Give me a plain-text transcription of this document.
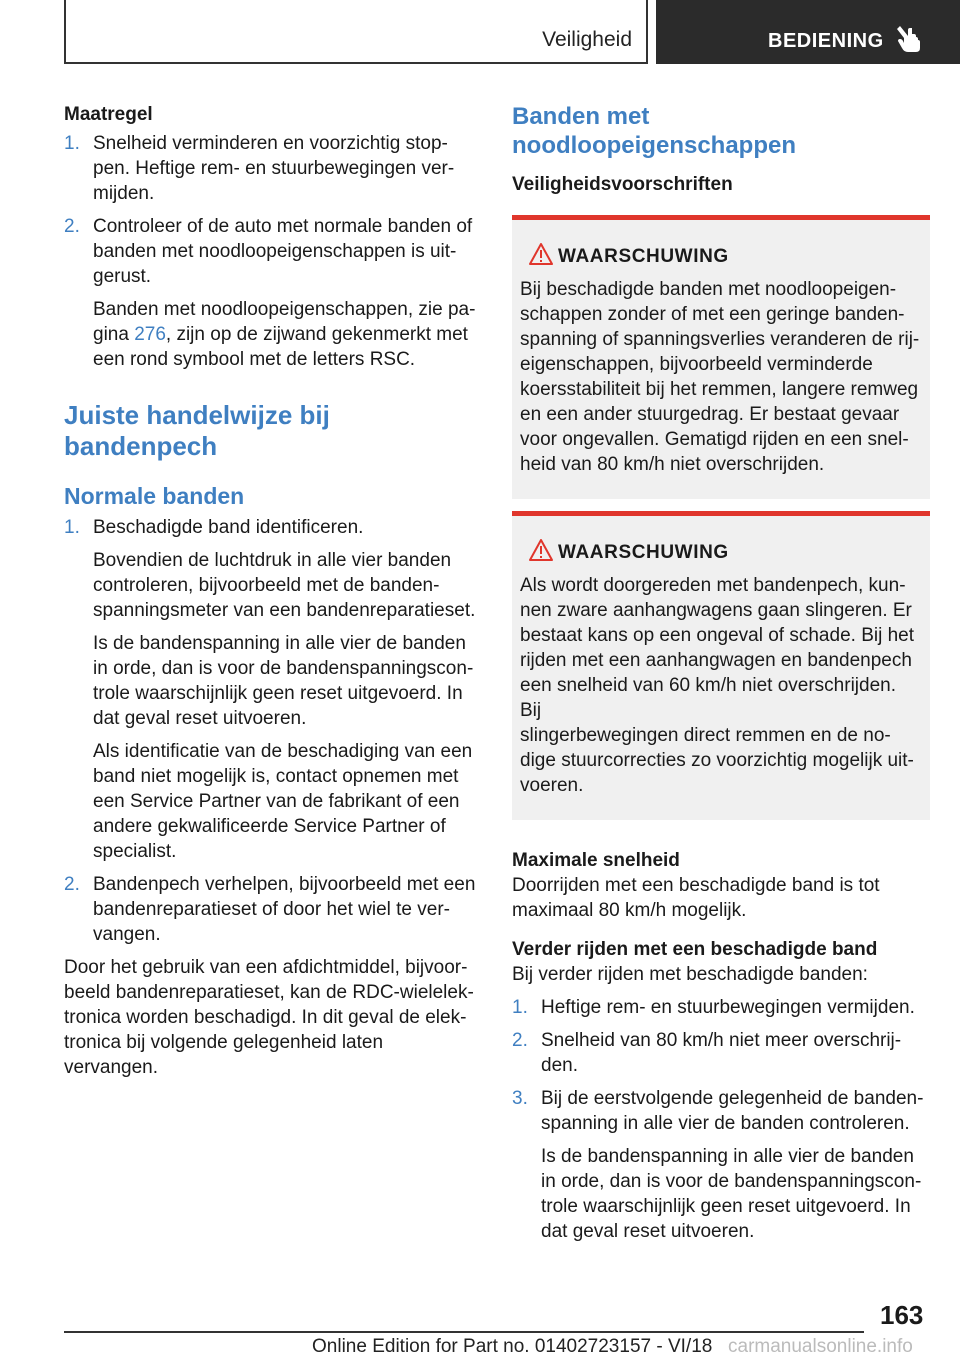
Veiligheid	BEDIENING

Maatregel

1. Snelheid verminderen en voorzichtig stop-

pen. Heftige rem- en stuurbewegingen ver-

mijden.

2. Controleer of de auto met normale banden of

banden met noodloopeigenschappen is uit-

gerust.

Banden met noodloopeigenschappen, zie pa-

gina 276, zijn op de zijwand gekenmerkt met

een rond symbool met de letters RSC.

Juiste handelwijze bij
bandenpech

Normale banden

1. Beschadigde band identificeren.

Bovendien de luchtdruk in alle vier banden

controleren, bijvoorbeeld met de banden-

spanningsmeter van een bandenreparatieset.

Is de bandenspanning in alle vier de banden

in orde, dan is voor de bandenspanningscon-

trole waarschijnlijk geen reset uitgevoerd. In

dat geval reset uitvoeren.

Als identificatie van de beschadiging van een

band niet mogelijk is, contact opnemen met

een Service Partner van de fabrikant of een

andere gekwalificeerde Service Partner of

specialist.

2. Bandenpech verhelpen, bijvoorbeeld met een

bandenreparatieset of door het wiel te ver-

vangen.

Door het gebruik van een afdichtmiddel, bijvoor-

beeld bandenreparatieset, kan de RDC-wielelek-

tronica worden beschadigd. In dit geval de elek-

tronica bij volgende gelegenheid laten

vervangen.

Banden met
noodloopeigenschappen

Veiligheidsvoorschriften

WAARSCHUWING

Bij beschadigde banden met noodloopeigen-

schappen zonder of met een geringe banden-

spanning of spanningsverlies veranderen de rij-

eigenschappen, bijvoorbeeld verminderde

koersstabiliteit bij het remmen, langere remweg

en een ander stuurgedrag. Er bestaat gevaar

voor ongevallen. Gematigd rijden en een snel-

heid van 80 km/h niet overschrijden.

WAARSCHUWING

Als wordt doorgereden met bandenpech, kun-

nen zware aanhangwagens gaan slingeren. Er

bestaat kans op een ongeval of schade. Bij het

rijden met een aanhangwagen en bandenpech

een snelheid van 60 km/h niet overschrijden. Bij

slingerbewegingen direct remmen en de no-

dige stuurcorrecties zo voorzichtig mogelijk uit-

voeren.

Maximale snelheid

Doorrijden met een beschadigde band is tot

maximaal 80 km/h mogelijk.

Verder rijden met een beschadigde band

Bij verder rijden met beschadigde banden:

1. Heftige rem- en stuurbewegingen vermijden.

2. Snelheid van 80 km/h niet meer overschrij-

den.

3. Bij de eerstvolgende gelegenheid de banden-

spanning in alle vier de banden controleren.

Is de bandenspanning in alle vier de banden

in orde, dan is voor de bandenspanningscon-

trole waarschijnlijk geen reset uitgevoerd. In

dat geval reset uitvoeren.

163
Online Edition for Part no. 01402723157 - VI/18 carmanualsonline.info
